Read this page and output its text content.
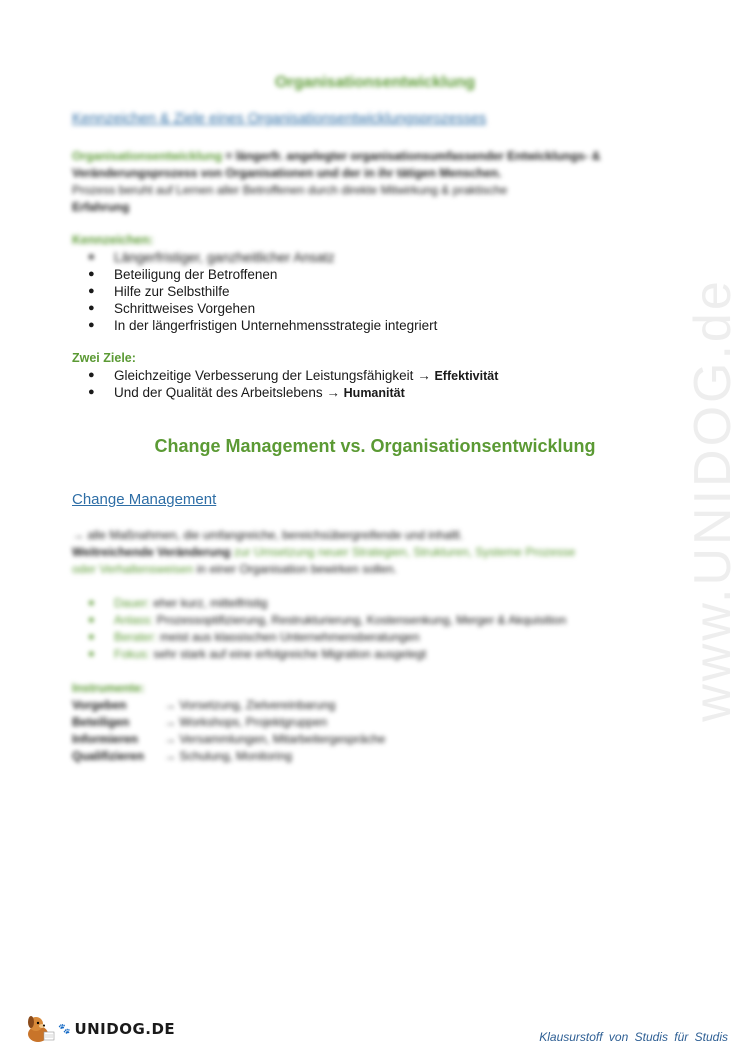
www.UNIDOG.de
Organisationsentwicklung
Kennzeichen & Ziele eines Organisationsentwicklungsprozesses
Organisationsentwicklung = längerfr. angelegter organisationsumfassender Entwicklungs- &
Veränderungsprozess von Organisationen und der in ihr tätigen Menschen.
Prozess beruht auf Lernen aller Betroffenen durch direkte Mitwirkung & praktische
Erfahrung
Kennzeichen:
● Längerfristiger, ganzheitlicher Ansatz
● Beteiligung der Betroffenen
● Hilfe zur Selbsthilfe
● Schrittweises Vorgehen
● In der längerfristigen Unternehmensstrategie integriert
Zwei Ziele:
● Gleichzeitige Verbesserung der Leistungsfähigkeit → Effektivität
● Und der Qualität des Arbeitslebens → Humanität
Change Management vs. Organisationsentwicklung
Change Management
→ alle Maßnahmen, die umfangreiche, bereichsübergreifende und inhaltl.
Weitreichende Veränderung zur Umsetzung neuer Strategien, Strukturen, Systeme Prozesse
oder Verhaltensweisen in einer Organisation bewirken sollen.
● Dauer: eher kurz, mittelfristig
● Anlass: Prozessoptifizierung, Restrukturierung, Kostensenkung, Merger & Akquisition
● Berater: meist aus klassischen Unternehmensberatungen
● Fokus: sehr stark auf eine erfolgreiche Migration ausgelegt
Instrumente:
Vorgeben	→ Vorsetzung, Zielvereinbarung
Beteiligen	→ Workshops, Projektgruppen
Informieren	→ Versammlungen, Mitarbeitergespräche
Qualifizieren	→ Schulung, Monitoring
🐾 UNIDOG.DE	Klausurstoff von Studis für Studis
